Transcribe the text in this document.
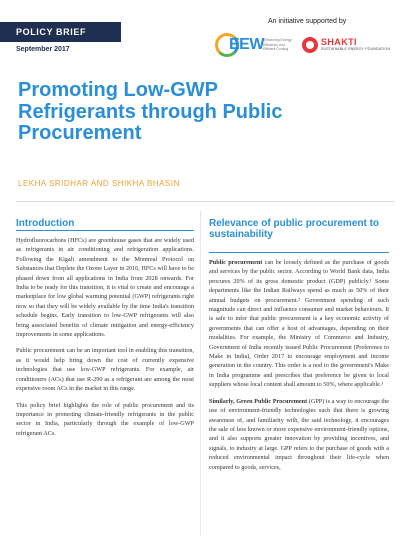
POLICY BRIEF
September 2017
An initiative supported by
EEW Enhancing Energy Efficiency and Efficient Cooling
SHAKTI
SUSTAINABLE ENERGY FOUNDATION
Promoting Low-GWP Refrigerants through Public Procurement
LEKHA SRIDHAR AND SHIKHA BHASIN
Introduction	Relevance of public procurement to sustainability

Hydrofluorocarbons (HFCs) are greenhouse gases that are widely used as refrigerants in air conditioning and refrigeration applications. Following the Kigali amendment to the Montreal Protocol on Substances that Deplete the Ozone Layer in 2016, HFCs will have to be phased down from all applications in India from 2028 onwards. For India to be ready for this transition, it is vital to create and encourage a marketplace for low global warming potential (GWP) refrigerants right now so that they will be widely available by the time India's transition schedule begins. Early transition to low-GWP refrigerants will also bring associated benefits of climate mitigation and energy-efficiency improvements in some applications.

Public procurement can be an important tool in enabling this transition, as it would help bring down the cost of currently expensive technologies that use low-GWP refrigerants. For example, air conditioners (ACs) that use R-290 as a refrigerant are among the most expensive room ACs in the market in this range.

This policy brief highlights the role of public procurement and its importance in promoting climate-friendly refrigerants in the public sector in India, particularly through the example of low-GWP refrigerant ACs.

Public procurement can be loosely defined as the purchase of goods and services by the public sector. According to World Bank data, India procures 20% of its gross domestic product (GDP) publicly.¹ Some departments like the Indian Railways spend as much as 50% of their annual budgets on procurement.² Government spending of such magnitude can direct and influence consumer and market behaviours. It is safe to infer that public procurement is a key economic activity of governments that can offer a host of advantages, depending on their modalities. For example, the Ministry of Commerce and Industry, Government of India recently issued Public Procurement (Preference to Make in India), Order 2017 to encourage employment and income generation in the country. This order is a nod to the government's Make in India programme and prescribes that preference be given to local suppliers whose local content shall amount to 50%, where applicable.³

Similarly, Green Public Procurement (GPP) is a way to encourage the use of environment-friendly technologies such that there is growing awareness of, and familiarity with, the said technology, it encourages the sale of less known or more expensive environment-friendly options, and it also supports greater innovation by providing incentives, and signals, to industry at large. GPP refers to the purchase of goods with a reduced environmental impact throughout their life-cycle when compared to goods, services,
